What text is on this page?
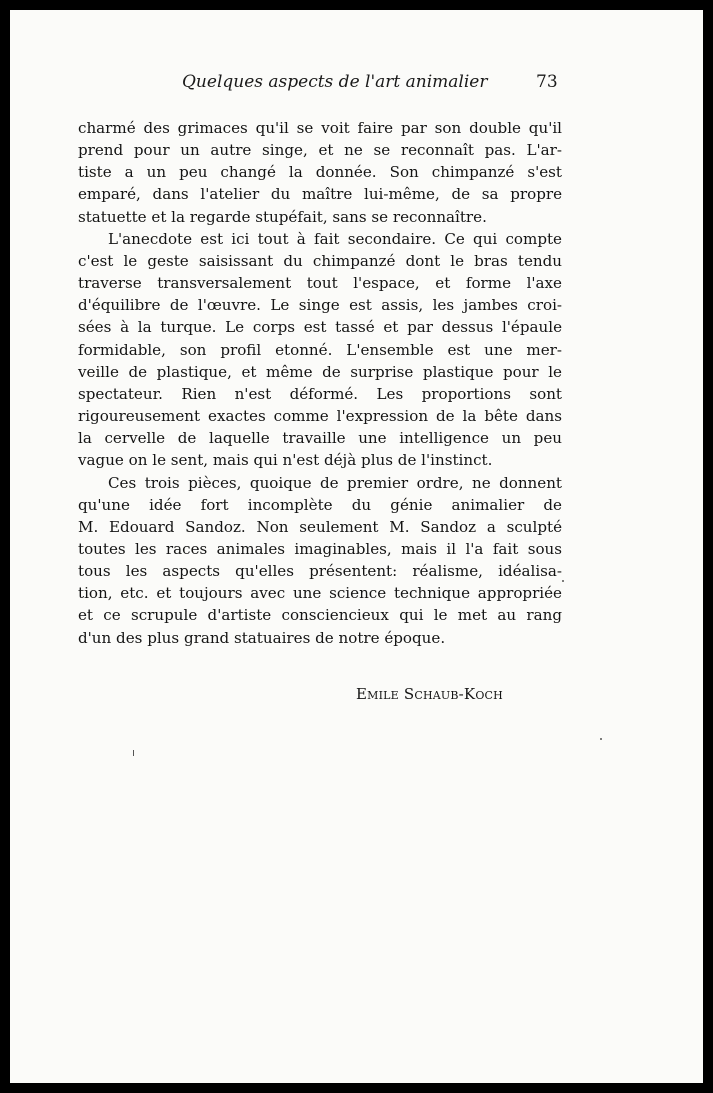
Quelques aspects de l'art animalier	73
charmé des grimaces qu'il se voit faire par son double qu'il
prend pour un autre singe, et ne se reconnaît pas. L'ar-
tiste a un peu changé la donnée. Son chimpanzé s'est
emparé, dans l'atelier du maître lui-même, de sa propre
statuette et la regarde stupéfait, sans se reconnaître.
L'anecdote est ici tout à fait secondaire. Ce qui compte
c'est le geste saisissant du chimpanzé dont le bras tendu
traverse transversalement tout l'espace, et forme l'axe
d'équilibre de l'œuvre. Le singe est assis, les jambes croi-
sées à la turque. Le corps est tassé et par dessus l'épaule
formidable, son profil etonné. L'ensemble est une mer-
veille de plastique, et même de surprise plastique pour le
spectateur. Rien n'est déformé. Les proportions sont
rigoureusement exactes comme l'expression de la bête dans
la cervelle de laquelle travaille une intelligence un peu
vague on le sent, mais qui n'est déjà plus de l'instinct.
Ces trois pièces, quoique de premier ordre, ne donnent
qu'une idée fort incomplète du génie animalier de
M. Edouard Sandoz. Non seulement M. Sandoz a sculpté
toutes les races animales imaginables, mais il l'a fait sous
tous les aspects qu'elles présentent: réalisme, idéalisa-
tion, etc. et toujours avec une science technique appropriée
et ce scrupule d'artiste consciencieux qui le met au rang
d'un des plus grand statuaires de notre époque.
Emile Schaub-Koch
